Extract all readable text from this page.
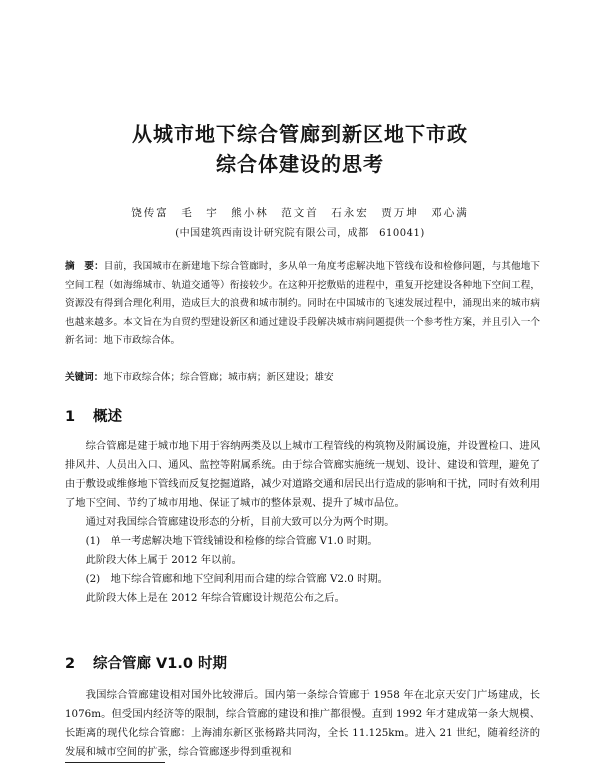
从城市地下综合管廊到新区地下市政
综合体建设的思考
饶传富　毛　宇　熊小林　范文首　石永宏　贾万坤　邓心满
(中国建筑西南设计研究院有限公司，成都　610041)
摘　要：目前，我国城市在新建地下综合管廊时，多从单一角度考虑解决地下管线布设和检修问题，与其他地下空间工程（如海绵城市、轨道交通等）衔接较少。在这种开挖敷贴的进程中，重复开挖建设各种地下空间工程，资源没有得到合理化利用，造成巨大的浪费和城市制约。同时在中国城市的飞速发展过程中，涌现出来的城市病也越来越多。本文旨在为自贸约型建设新区和通过建设手段解决城市病问题提供一个参考性方案，并且引入一个新名词：地下市政综合体。
关键词：地下市政综合体；综合管廊；城市病；新区建设；雄安
1 概述

综合管廊是建于城市地下用于容纳两类及以上城市工程管线的构筑物及附属设施，并设置检口、进风排风井、人员出入口、通风、监控等附属系统。由于综合管廊实施统一规划、设计、建设和管理，避免了由于敷设或维修地下管线而反复挖掘道路，减少对道路交通和居民出行造成的影响和干扰，同时有效利用了地下空间、节约了城市用地、保证了城市的整体景观、提升了城市品位。

通过对我国综合管廊建设形态的分析，目前大致可以分为两个时期。

(1)　单一考虑解决地下管线铺设和检修的综合管廊 V1.0 时期。

此阶段大体上属于 2012 年以前。

(2)　地下综合管廊和地下空间利用而合建的综合管廊 V2.0 时期。

此阶段大体上是在 2012 年综合管廊设计规范公布之后。

2 综合管廊 V1.0 时期

我国综合管廊建设相对国外比较滞后。国内第一条综合管廊于 1958 年在北京天安门广场建成，长 1076m。但受国内经济等的限制，综合管廊的建设和推广都很慢。直到 1992 年才建成第一条大规模、长距离的现代化综合管廊：上海浦东新区张杨路共同沟，全长 11.125km。进入 21 世纪，随着经济的发展和城市空间的扩张，综合管廊逐步得到重视和
